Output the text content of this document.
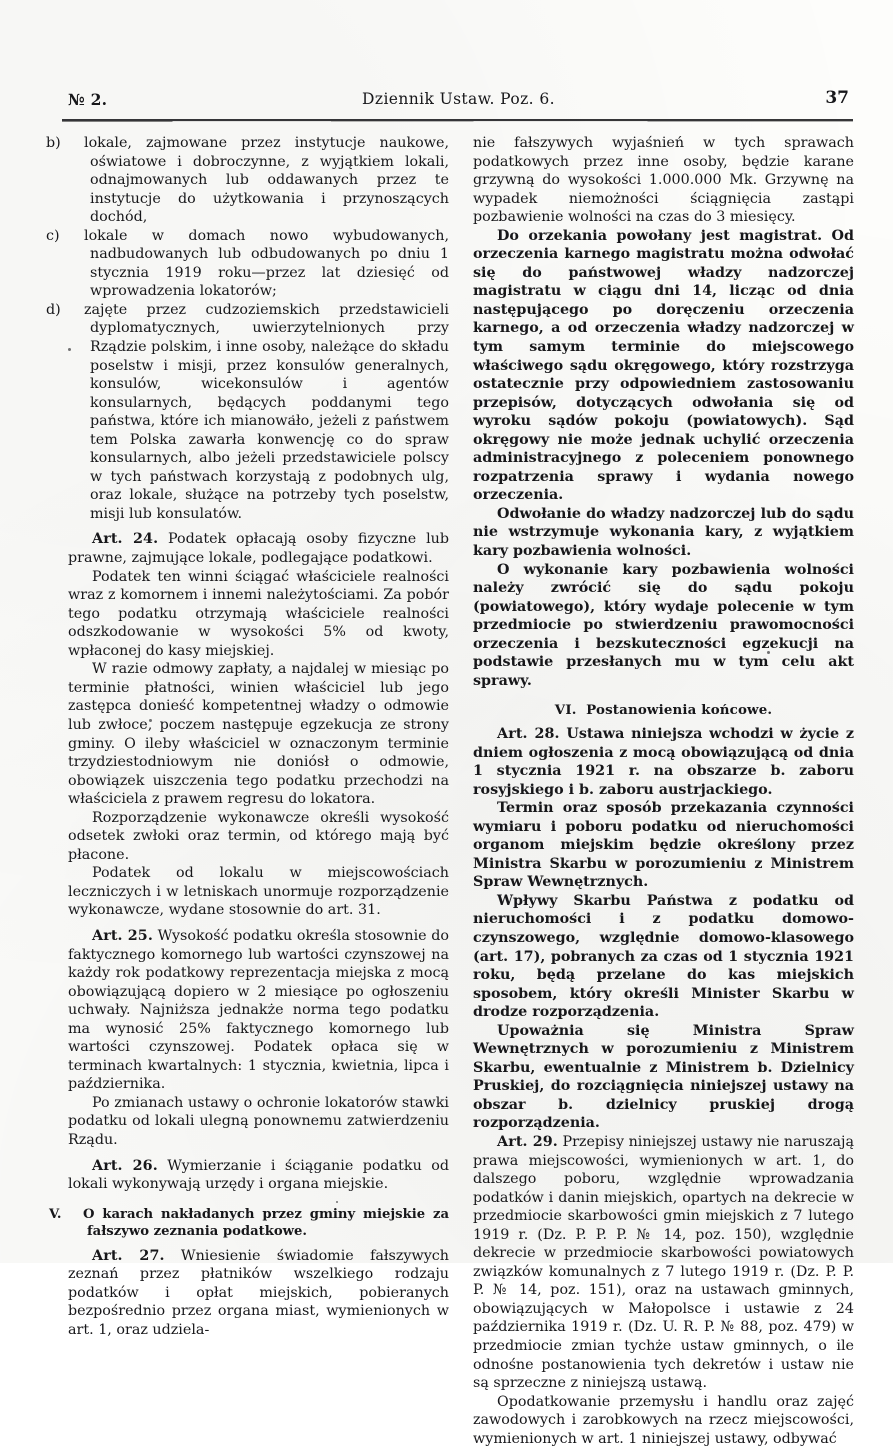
№ 2.	Dziennik Ustaw. Poz. 6.	37

b) lokale, zajmowane przez instytucje naukowe, oświatowe i dobroczynne, z wyjątkiem lokali, odnajmowanych lub oddawanych przez te instytucje do użytkowania i przynoszących dochód,

c) lokale w domach nowo wybudowanych, nadbudowanych lub odbudowanych po dniu 1 stycznia 1919 roku—przez lat dziesięć od wprowadzenia lokatorów;

d) zajęte przez cudzoziemskich przedstawicieli dyplomatycznych, uwierzytelnionych przy Rządzie polskim, i inne osoby, należące do składu poselstw i misji, przez konsulów generalnych, konsulów, wicekonsulów i agentów konsularnych, będących poddanymi tego państwa, które ich mianowało, jeżeli z państwem tem Polska zawarła konwencję co do spraw konsularnych, albo jeżeli przedstawiciele polscy w tych państwach korzystają z podobnych ulg, oraz lokale, służące na potrzeby tych poselstw, misji lub konsulatów.

Art. 24. Podatek opłacają osoby fizyczne lub prawne, zajmujące lokale, podlegające podatkowi.

Podatek ten winni ściągać właściciele realności wraz z komornem i innemi należytościami. Za pobór tego podatku otrzymają właściciele realności odszkodowanie w wysokości 5% od kwoty, wpłaconej do kasy miejskiej.

W razie odmowy zapłaty, a najdalej w miesiąc po terminie płatności, winien właściciel lub jego zastępca donieść kompetentnej władzy o odmowie lub zwłoce, poczem następuje egzekucja ze strony gminy. O ileby właściciel w oznaczonym terminie trzydziestodniowym nie doniósł o odmowie, obowiązek uiszczenia tego podatku przechodzi na właściciela z prawem regresu do lokatora.

Rozporządzenie wykonawcze określi wysokość odsetek zwłoki oraz termin, od którego mają być płacone.

Podatek od lokalu w miejscowościach leczniczych i w letniskach unormuje rozporządzenie wykonawcze, wydane stosownie do art. 31.

Art. 25. Wysokość podatku określa stosownie do faktycznego komornego lub wartości czynszowej na każdy rok podatkowy reprezentacja miejska z mocą obowiązującą dopiero w 2 miesiące po ogłoszeniu uchwały. Najniższa jednakże norma tego podatku ma wynosić 25% faktycznego komornego lub wartości czynszowej. Podatek opłaca się w terminach kwartalnych: 1 stycznia, kwietnia, lipca i października.

Po zmianach ustawy o ochronie lokatorów stawki podatku od lokali ulegną ponownemu zatwierdzeniu Rządu.

Art. 26. Wymierzanie i ściąganie podatku od lokali wykonywają urzędy i organa miejskie.

V. O karach nakładanych przez gminy miejskie za fałszywo zeznania podatkowe.

Art. 27. Wniesienie świadomie fałszywych zeznań przez płatników wszelkiego rodzaju podatków i opłat miejskich, pobieranych bezpośrednio przez organa miast, wymienionych w art. 1, oraz udziela-

nie fałszywych wyjaśnień w tych sprawach podatkowych przez inne osoby, będzie karane grzywną do wysokości 1.000.000 Mk. Grzywnę na wypadek niemożności ściągnięcia zastąpi pozbawienie wolności na czas do 3 miesięcy.

Do orzekania powołany jest magistrat. Od orzeczenia karnego magistratu można odwołać się do państwowej władzy nadzorczej magistratu w ciągu dni 14, licząc od dnia następującego po doręczeniu orzeczenia karnego, a od orzeczenia władzy nadzorczej w tym samym terminie do miejscowego właściwego sądu okręgowego, który rozstrzyga ostatecznie przy odpowiedniem zastosowaniu przepisów, dotyczących odwołania się od wyroku sądów pokoju (powiatowych). Sąd okręgowy nie może jednak uchylić orzeczenia administracyjnego z poleceniem ponownego rozpatrzenia sprawy i wydania nowego orzeczenia.

Odwołanie do władzy nadzorczej lub do sądu nie wstrzymuje wykonania kary, z wyjątkiem kary pozbawienia wolności.

O wykonanie kary pozbawienia wolności należy zwrócić się do sądu pokoju (powiatowego), który wydaje polecenie w tym przedmiocie po stwierdzeniu prawomocności orzeczenia i bezskuteczności egzekucji na podstawie przesłanych mu w tym celu akt sprawy.

VI. Postanowienia końcowe.

Art. 28. Ustawa niniejsza wchodzi w życie z dniem ogłoszenia z mocą obowiązującą od dnia 1 stycznia 1921 r. na obszarze b. zaboru rosyjskiego i b. zaboru austrjackiego.

Termin oraz sposób przekazania czynności wymiaru i poboru podatku od nieruchomości organom miejskim będzie określony przez Ministra Skarbu w porozumieniu z Ministrem Spraw Wewnętrznych.

Wpływy Skarbu Państwa z podatku od nieruchomości i z podatku domowo-czynszowego, względnie domowo-klasowego (art. 17), pobranych za czas od 1 stycznia 1921 roku, będą przelane do kas miejskich sposobem, który określi Minister Skarbu w drodze rozporządzenia.

Upoważnia się Ministra Spraw Wewnętrznych w porozumieniu z Ministrem Skarbu, ewentualnie z Ministrem b. Dzielnicy Pruskiej, do rozciągnięcia niniejszej ustawy na obszar b. dzielnicy pruskiej drogą rozporządzenia.

Art. 29. Przepisy niniejszej ustawy nie naruszają prawa miejscowości, wymienionych w art. 1, do dalszego poboru, względnie wprowadzania podatków i danin miejskich, opartych na dekrecie w przedmiocie skarbowości gmin miejskich z 7 lutego 1919 r. (Dz. P. P. P. № 14, poz. 150), względnie dekrecie w przedmiocie skarbowości powiatowych związków komunalnych z 7 lutego 1919 r. (Dz. P. P. P. № 14, poz. 151), oraz na ustawach gminnych, obowiązujących w Małopolsce i ustawie z 24 października 1919 r. (Dz. U. R. P. № 88, poz. 479) w przedmiocie zmian tychże ustaw gminnych, o ile odnośne postanowienia tych dekretów i ustaw nie są sprzeczne z niniejszą ustawą.

Opodatkowanie przemysłu i handlu oraz zajęć zawodowych i zarobkowych na rzecz miejscowości, wymienionych w art. 1 niniejszej ustawy, odbywać
